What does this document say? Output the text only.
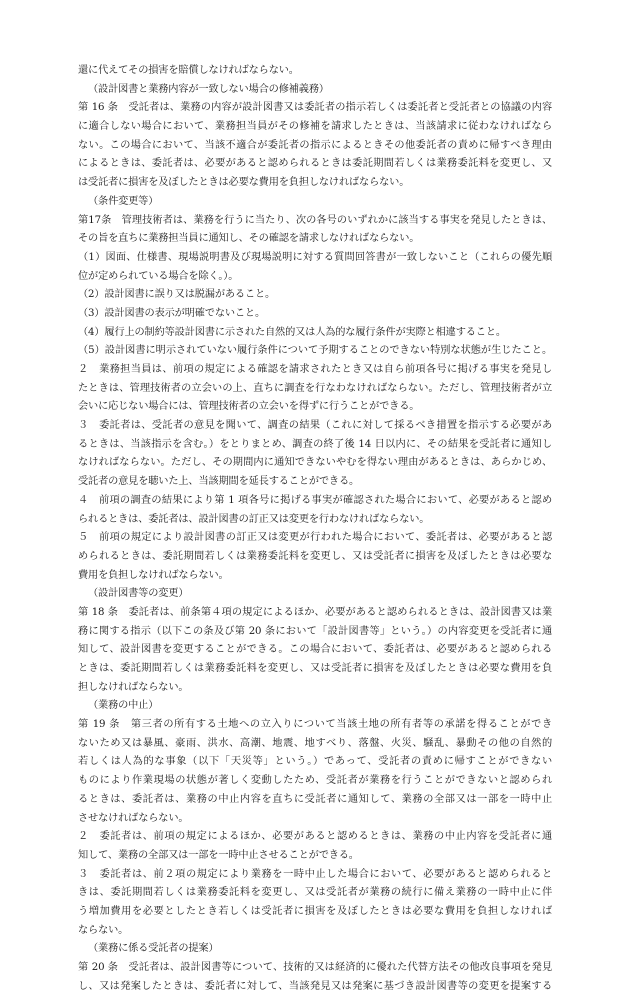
還に代えてその損害を賠償しなければならない。
（設計図書と業務内容が一致しない場合の修補義務）
第 16 条　受託者は、業務の内容が設計図書又は委託者の指示若しくは委託者と受託者との協議の内容
に適合しない場合において、業務担当員がその修補を請求したときは、当該請求に従わなければなら
ない。この場合において、当該不適合が委託者の指示によるときその他委託者の責めに帰すべき理由
によるときは、委託者は、必要があると認められるときは委託期間若しくは業務委託料を変更し、又
は受託者に損害を及ぼしたときは必要な費用を負担しなければならない。
（条件変更等）
第17条　管理技術者は、業務を行うに当たり、次の各号のいずれかに該当する事実を発見したときは、
その旨を直ちに業務担当員に通知し、その確認を請求しなければならない。
（1）図面、仕様書、現場説明書及び現場説明に対する質問回答書が一致しないこと（これらの優先順
位が定められている場合を除く。）。
（2）設計図書に誤り又は脱漏があること。
（3）設計図書の表示が明確でないこと。
（4）履行上の制約等設計図書に示された自然的又は人為的な履行条件が実際と相違すること。
（5）設計図書に明示されていない履行条件について予期することのできない特別な状態が生じたこと。
２　業務担当員は、前項の規定による確認を請求されたとき又は自ら前項各号に掲げる事実を発見し
たときは、管理技術者の立会いの上、直ちに調査を行なわなければならない。ただし、管理技術者が立
会いに応じない場合には、管理技術者の立会いを得ずに行うことができる。
３　委託者は、受託者の意見を聞いて、調査の結果（これに対して採るべき措置を指示する必要があ
るときは、当該指示を含む。）をとりまとめ、調査の終了後 14 日以内に、その結果を受託者に通知し
なければならない。ただし、その期間内に通知できないやむを得ない理由があるときは、あらかじめ、
受託者の意見を聴いた上、当該期間を延長することができる。
４　前項の調査の結果により第 1 項各号に掲げる事実が確認された場合において、必要があると認め
られるときは、委託者は、設計図書の訂正又は変更を行わなければならない。
５　前項の規定により設計図書の訂正又は変更が行われた場合において、委託者は、必要があると認
められるときは、委託期間若しくは業務委託料を変更し、又は受託者に損害を及ぼしたときは必要な
費用を負担しなければならない。
（設計図書等の変更）
第 18 条　委託者は、前条第４項の規定によるほか、必要があると認められるときは、設計図書又は業
務に関する指示（以下この条及び第 20 条において「設計図書等」という。）の内容変更を受託者に通
知して、設計図書を変更することができる。この場合において、委託者は、必要があると認められる
ときは、委託期間若しくは業務委託料を変更し、又は受託者に損害を及ぼしたときは必要な費用を負
担しなければならない。
（業務の中止）
第 19 条　第三者の所有する土地への立入りについて当該土地の所有者等の承諾を得ることができ
ないため又は暴風、豪雨、洪水、高潮、地震、地すべり、落盤、火災、騒乱、暴動その他の自然的
若しくは人為的な事象（以下「天災等」という。）であって、受託者の責めに帰すことができない
ものにより作業現場の状態が著しく変動したため、受託者が業務を行うことができないと認められ
るときは、委託者は、業務の中止内容を直ちに受託者に通知して、業務の全部又は一部を一時中止
させなければならない。
２　委託者は、前項の規定によるほか、必要があると認めるときは、業務の中止内容を受託者に通
知して、業務の全部又は一部を一時中止させることができる。
３　委託者は、前２項の規定により業務を一時中止した場合において、必要があると認められると
きは、委託期間若しくは業務委託料を変更し、又は受託者が業務の続行に備え業務の一時中止に伴
う増加費用を必要としたとき若しくは受託者に損害を及ぼしたときは必要な費用を負担しなければ
ならない。
（業務に係る受託者の提案）
第 20 条　受託者は、設計図書等について、技術的又は経済的に優れた代替方法その他改良事項を発見
し、又は発案したときは、委託者に対して、当該発見又は発案に基づき設計図書等の変更を提案する
